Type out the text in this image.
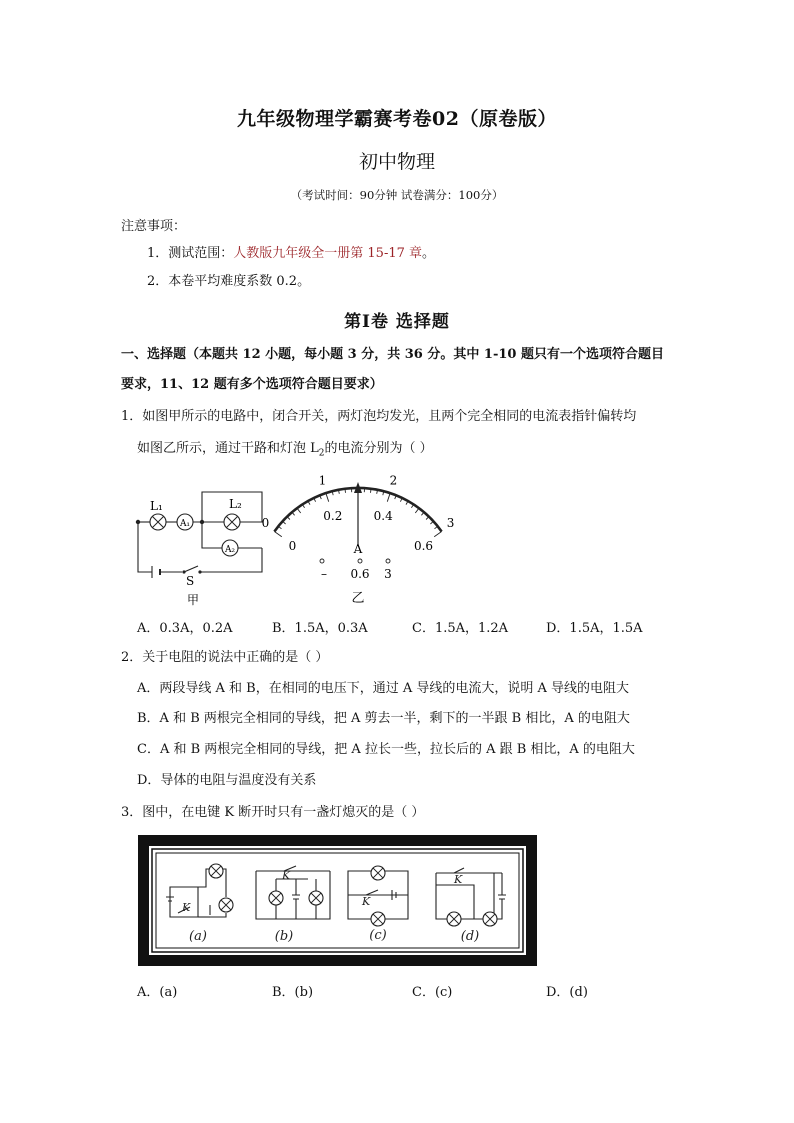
九年级物理学霸赛考卷02（原卷版）
初中物理
（考试时间：90分钟 试卷满分：100分）
注意事项：
1．测试范围：人教版九年级全一册第 15-17 章。
2．本卷平均难度系数 0.2。
第Ⅰ卷 选择题
一、选择题（本题共 12 小题，每小题 3 分，共 36 分。其中 1-10 题只有一个选项符合题目
要求，11、12 题有多个选项符合题目要求）
1．如图甲所示的电路中，闭合开关，两灯泡均发光，且两个完全相同的电流表指针偏转均
如图乙所示，通过干路和灯泡 $L_2$的电流分别为（ ）
L₁	L₂
A₁
A₂
S
甲
0
0
1
0.2
2
0.4
3
0.6
A
– 0.6 3
乙
A．0.3A，0.2A	B．1.5A，0.3A	C．1.5A，1.2A	D．1.5A，1.5A
2．关于电阻的说法中正确的是（ ）
A．两段导线 A 和 B，在相同的电压下，通过 A 导线的电流大，说明 A 导线的电阻大
B．A 和 B 两根完全相同的导线，把 A 剪去一半，剩下的一半跟 B 相比，A 的电阻大
C．A 和 B 两根完全相同的导线，把 A 拉长一些，拉长后的 A 跟 B 相比，A 的电阻大
D．导体的电阻与温度没有关系
3．图中，在电键 K 断开时只有一盏灯熄灭的是（ ）
K
K
K
K
(a)	(b)	(c)	(d)
A．(a)	B．(b)	C．(c)	D．(d)
